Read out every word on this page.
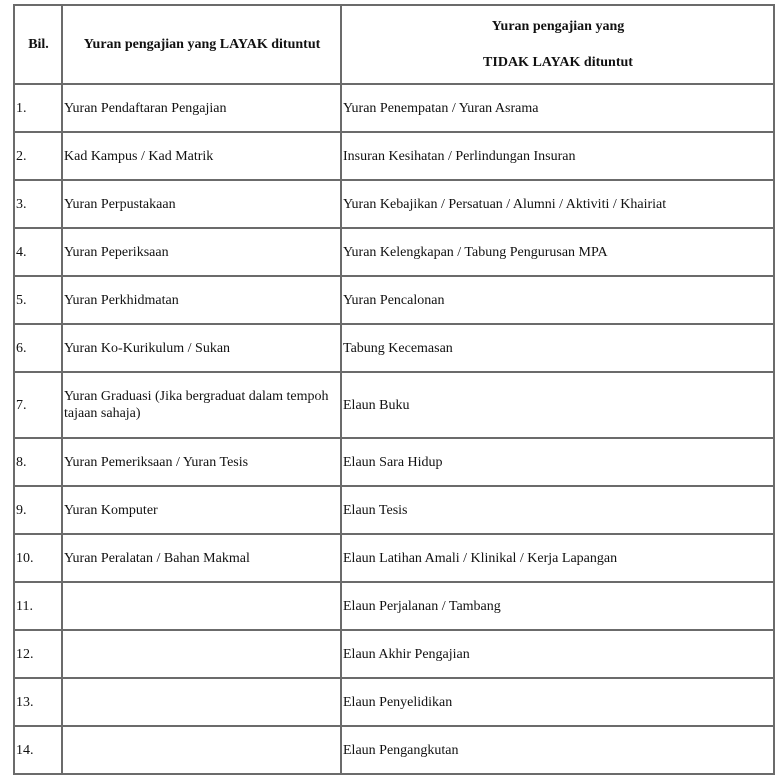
Bil.	Yuran pengajian yang LAYAK dituntut	Yuran pengajian yang
TIDAK LAYAK dituntut

1.	Yuran Pendaftaran Pengajian	Yuran Penempatan / Yuran Asrama
2.	Kad Kampus / Kad Matrik	Insuran Kesihatan / Perlindungan Insuran
3.	Yuran Perpustakaan	Yuran Kebajikan / Persatuan / Alumni / Aktiviti / Khairiat
4.	Yuran Peperiksaan	Yuran Kelengkapan / Tabung Pengurusan MPA
5.	Yuran Perkhidmatan	Yuran Pencalonan
6.	Yuran Ko-Kurikulum / Sukan	Tabung Kecemasan
7.	Yuran Graduasi (Jika bergraduat dalam tempoh tajaan sahaja)	Elaun Buku
8.	Yuran Pemeriksaan / Yuran Tesis	Elaun Sara Hidup
9.	Yuran Komputer	Elaun Tesis
10.	Yuran Peralatan / Bahan Makmal	Elaun Latihan Amali / Klinikal / Kerja Lapangan
11.		Elaun Perjalanan / Tambang
12.		Elaun Akhir Pengajian
13.		Elaun Penyelidikan
14.		Elaun Pengangkutan
